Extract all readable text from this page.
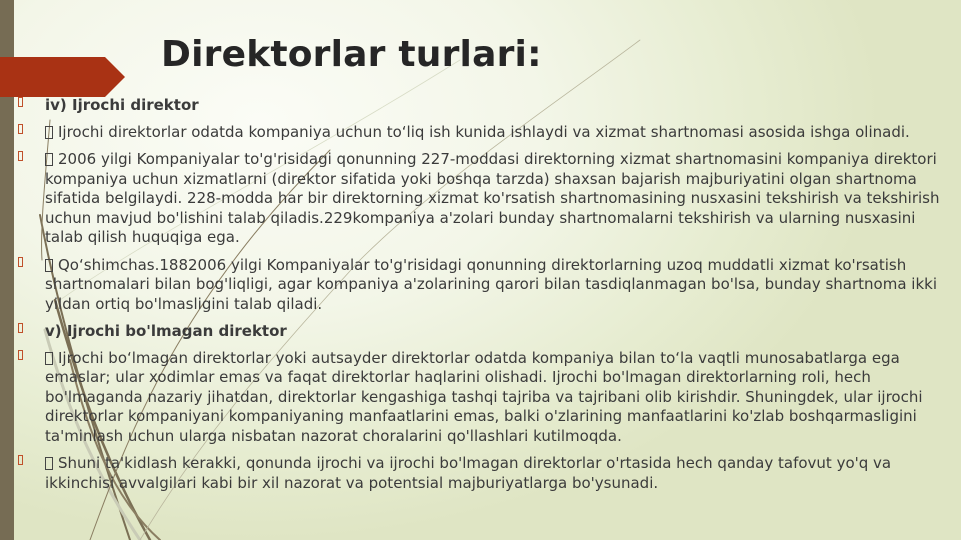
Direktorlar turlari:
iv) Ijrochi direktor
Ijrochi direktorlar odatda kompaniya uchun to‘liq ish kunida ishlaydi va xizmat shartnomasi asosida ishga olinadi.
2006 yilgi Kompaniyalar to'g'risidagi qonunning 227-moddasi direktorning xizmat shartnomasini kompaniya direktori kompaniya uchun xizmatlarni (direktor sifatida yoki boshqa tarzda) shaxsan bajarish majburiyatini olgan shartnoma sifatida belgilaydi. 228-modda har bir direktorning xizmat ko'rsatish shartnomasining nusxasini tekshirish va tekshirish uchun mavjud bo'lishini talab qiladis.229kompaniya a'zolari bunday shartnomalarni tekshirish va ularning nusxasini talab qilish huquqiga ega.
Qo‘shimchas.1882006 yilgi Kompaniyalar to'g'risidagi qonunning direktorlarning uzoq muddatli xizmat ko'rsatish shartnomalari bilan bog'liqligi, agar kompaniya a'zolarining qarori bilan tasdiqlanmagan bo'lsa, bunday shartnoma ikki yildan ortiq bo'lmasligini talab qiladi.
v) Ijrochi bo'lmagan direktor
Ijrochi bo‘lmagan direktorlar yoki autsayder direktorlar odatda kompaniya bilan to‘la vaqtli munosabatlarga ega emaslar; ular xodimlar emas va faqat direktorlar haqlarini olishadi. Ijrochi bo'lmagan direktorlarning roli, hech bo'lmaganda nazariy jihatdan, direktorlar kengashiga tashqi tajriba va tajribani olib kirishdir. Shuningdek, ular ijrochi direktorlar kompaniyani kompaniyaning manfaatlarini emas, balki o'zlarining manfaatlarini ko'zlab boshqarmasligini ta'minlash uchun ularga nisbatan nazorat choralarini qo'llashlari kutilmoqda.
Shuni ta'kidlash kerakki, qonunda ijrochi va ijrochi bo'lmagan direktorlar o'rtasida hech qanday tafovut yo'q va ikkinchisi avvalgilari kabi bir xil nazorat va potentsial majburiyatlarga bo'ysunadi.
